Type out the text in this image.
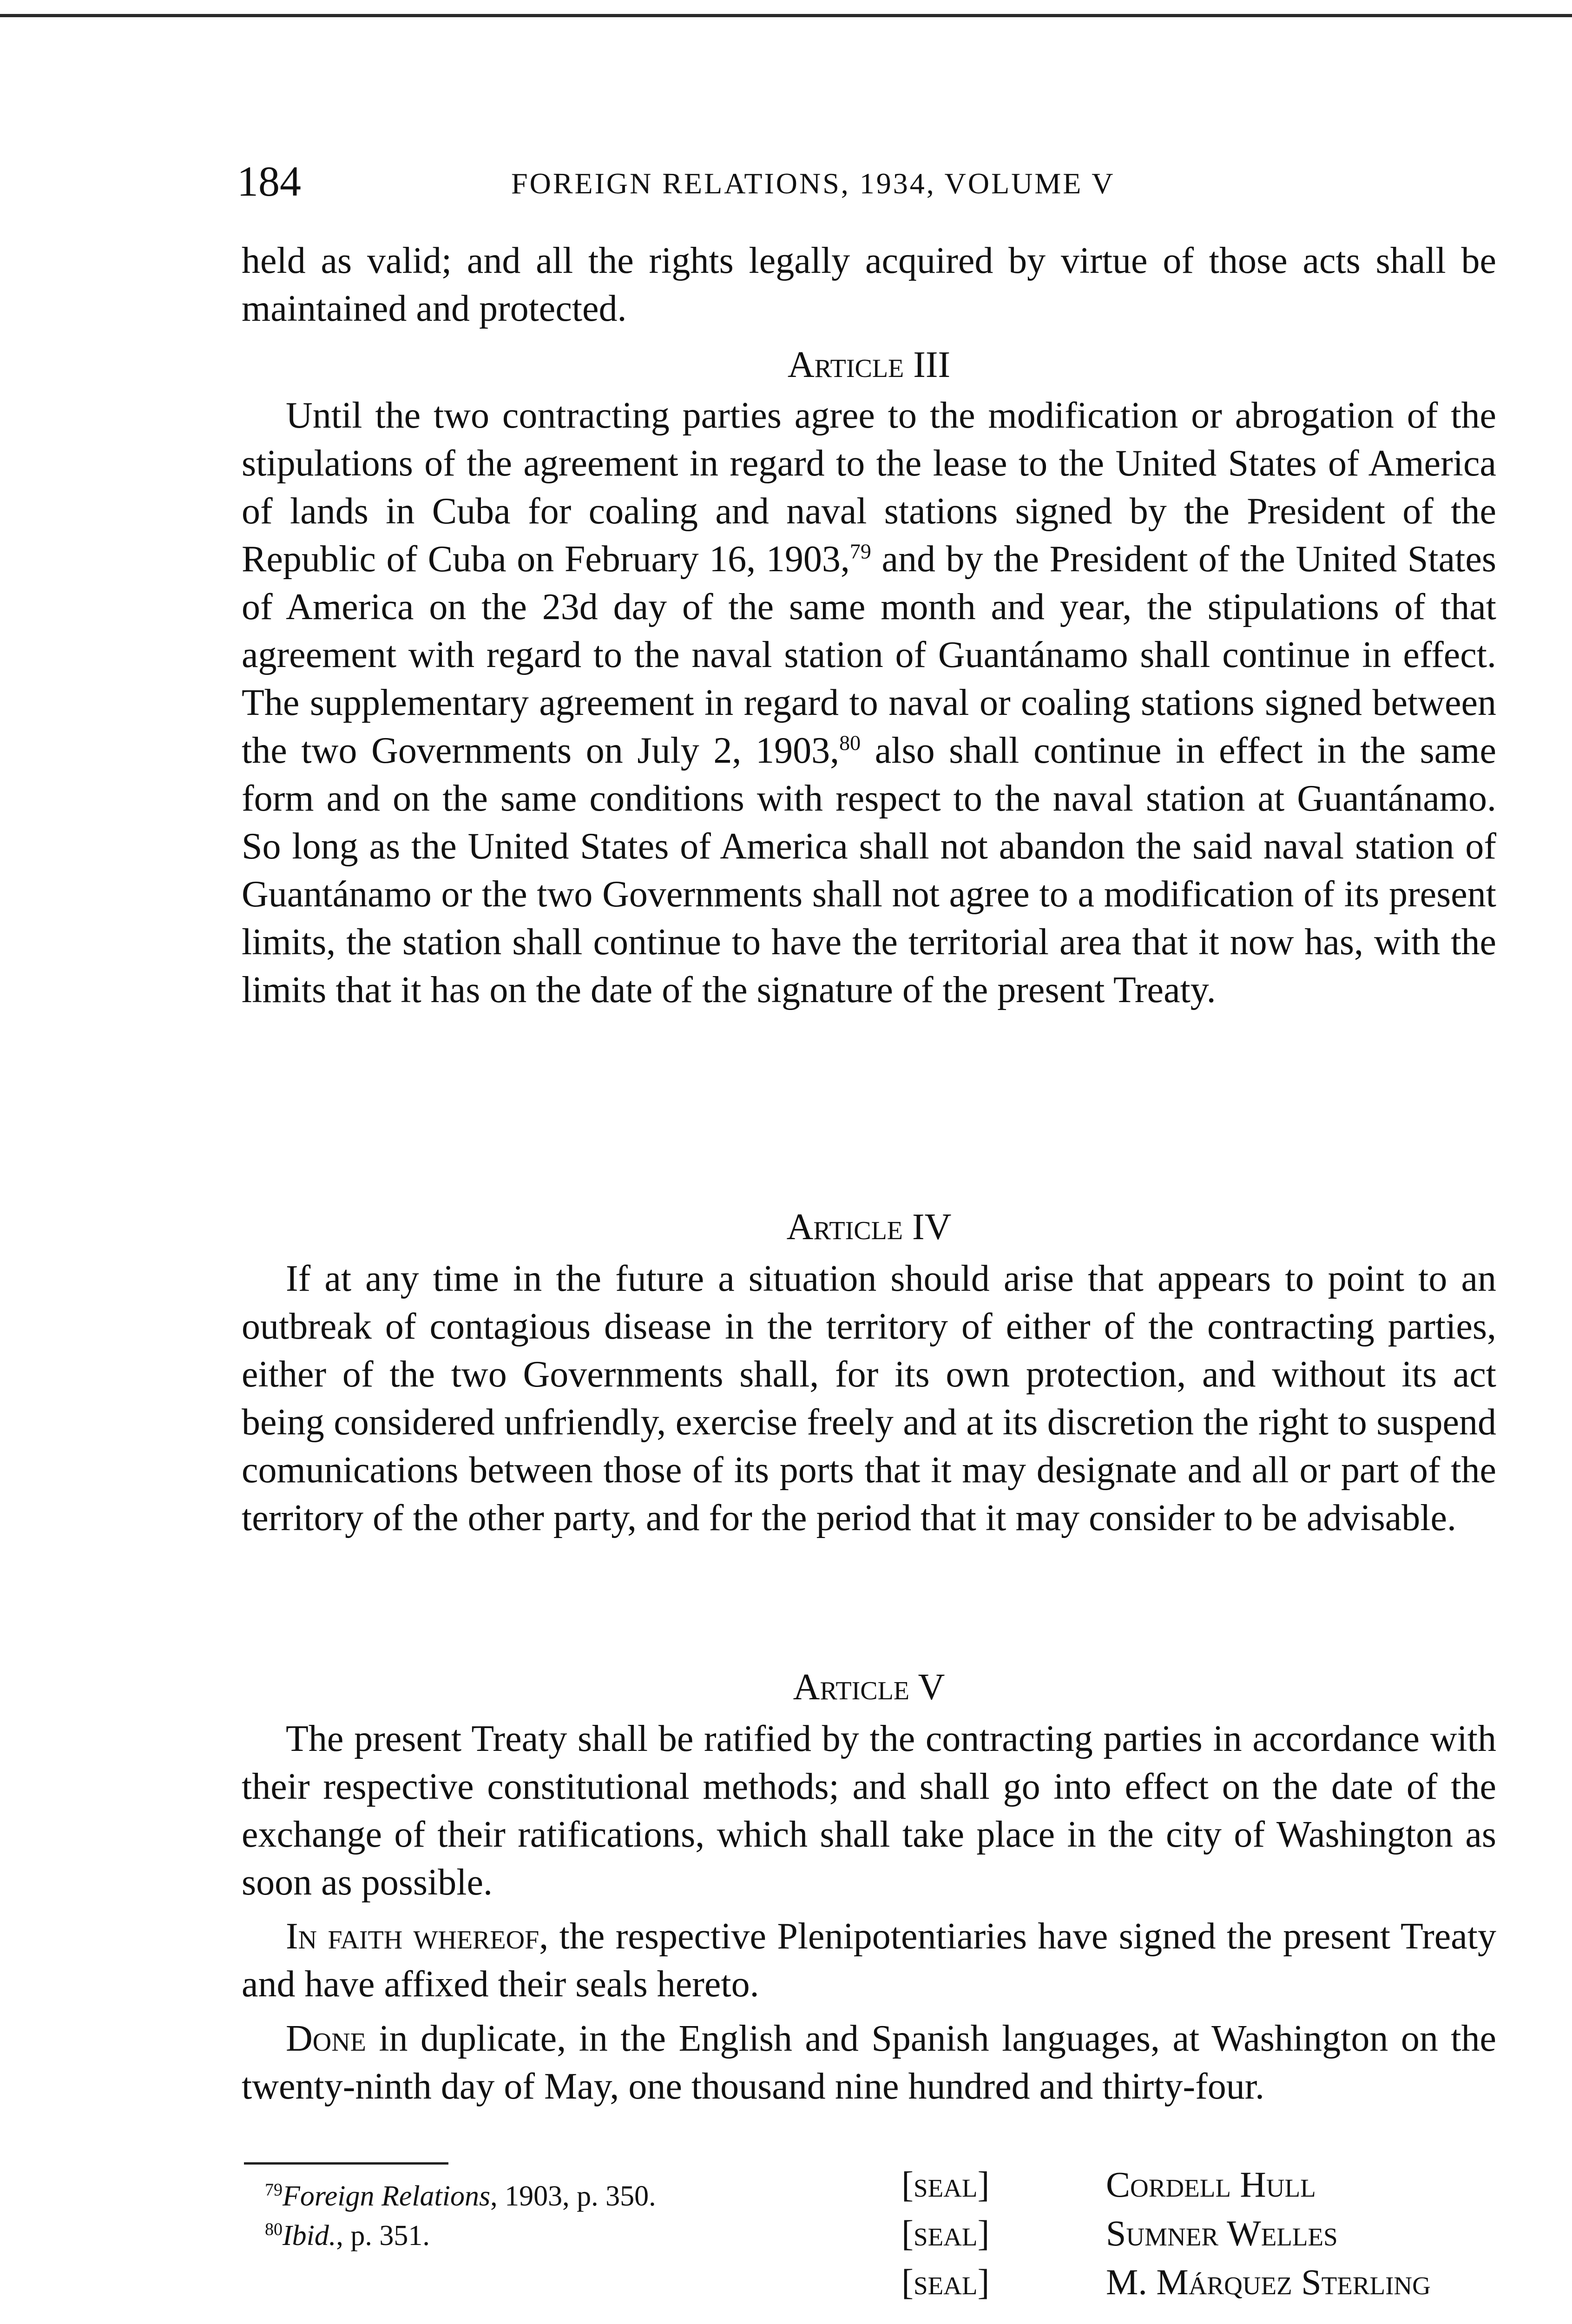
184	FOREIGN RELATIONS, 1934, VOLUME V

held as valid; and all the rights legally acquired by virtue of those acts shall be maintained and protected.

Article III

Until the two contracting parties agree to the modification or abrogation of the stipulations of the agreement in regard to the lease to the United States of America of lands in Cuba for coaling and naval stations signed by the President of the Republic of Cuba on February 16, 1903,79 and by the President of the United States of America on the 23d day of the same month and year, the stipulations of that agreement with regard to the naval station of Guantánamo shall continue in effect. The supplementary agreement in regard to naval or coaling stations signed between the two Governments on July 2, 1903,80 also shall continue in effect in the same form and on the same conditions with respect to the naval station at Guantánamo. So long as the United States of America shall not abandon the said naval station of Guantánamo or the two Governments shall not agree to a modification of its present limits, the station shall continue to have the territorial area that it now has, with the limits that it has on the date of the signature of the present Treaty.

Article IV

If at any time in the future a situation should arise that appears to point to an outbreak of contagious disease in the territory of either of the contracting parties, either of the two Governments shall, for its own protection, and without its act being considered unfriendly, exercise freely and at its discretion the right to suspend comunications between those of its ports that it may designate and all or part of the territory of the other party, and for the period that it may consider to be advisable.

Article V

The present Treaty shall be ratified by the contracting parties in accordance with their respective constitutional methods; and shall go into effect on the date of the exchange of their ratifications, which shall take place in the city of Washington as soon as possible.

In faith whereof, the respective Plenipotentiaries have signed the present Treaty and have affixed their seals hereto.

Done in duplicate, in the English and Spanish languages, at Washington on the twenty-ninth day of May, one thousand nine hundred and thirty-four.

[seal]	Cordell Hull
[seal]	Sumner Welles
[seal]	M. Márquez Sterling
$^{79}$Foreign Relations, 1903, p. 350.
$^{80}$Ibid., p. 351.
